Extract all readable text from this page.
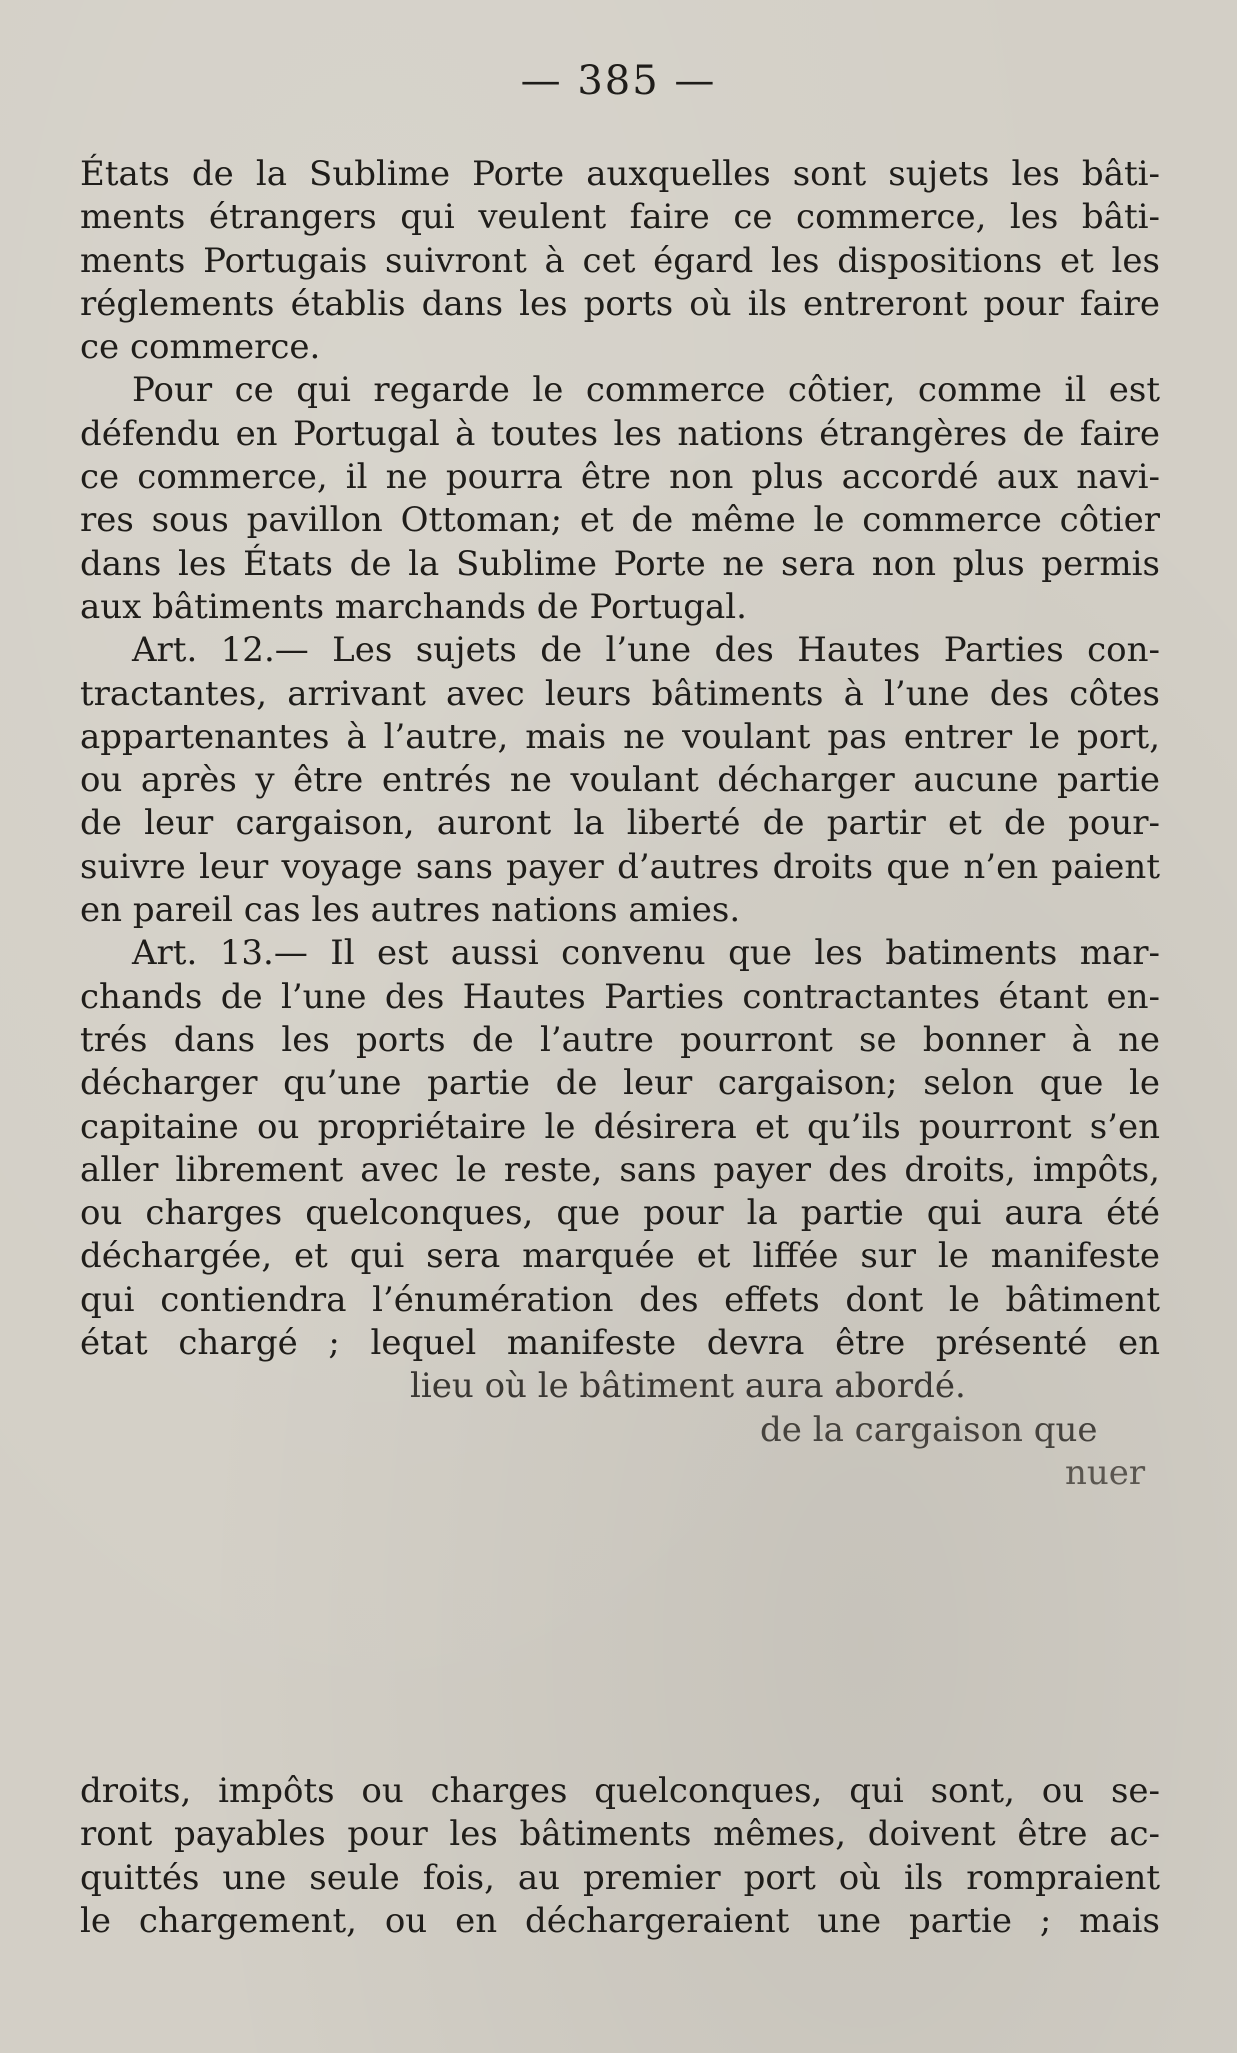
— 385 —

États de la Sublime Porte auxquelles sont sujets les bâti-
ments étrangers qui veulent faire ce commerce, les bâti-
ments Portugais suivront à cet égard les dispositions et les
réglements établis dans les ports où ils entreront pour faire
ce commerce.
Pour ce qui regarde le commerce côtier, comme il est
défendu en Portugal à toutes les nations étrangères de faire
ce commerce, il ne pourra être non plus accordé aux navi-
res sous pavillon Ottoman; et de même le commerce côtier
dans les États de la Sublime Porte ne sera non plus permis
aux bâtiments marchands de Portugal.
Art. 12.— Les sujets de l’une des Hautes Parties con-
tractantes, arrivant avec leurs bâtiments à l’une des côtes
appartenantes à l’autre, mais ne voulant pas entrer le port,
ou après y être entrés ne voulant décharger aucune partie
de leur cargaison, auront la liberté de partir et de pour-
suivre leur voyage sans payer d’autres droits que n’en paient
en pareil cas les autres nations amies.
Art. 13.— Il est aussi convenu que les batiments mar-
chands de l’une des Hautes Parties contractantes étant en-
trés dans les ports de l’autre pourront se bonner à ne
décharger qu’une partie de leur cargaison; selon que le
capitaine ou propriétaire le désirera et qu’ils pourront s’en
aller librement avec le reste, sans payer des droits, impôts,
ou charges quelconques, que pour la partie qui aura été
déchargée, et qui sera marquée et liffée sur le manifeste
qui contiendra l’énumération des effets dont le bâtiment
état chargé ; lequel manifeste devra être présenté en
lieu où le bâtiment aura abordé.
de la cargaison que
nuer
droits, impôts ou charges quelconques, qui sont, ou se-
ront payables pour les bâtiments mêmes, doivent être ac-
quittés une seule fois, au premier port où ils rompraient
le chargement, ou en déchargeraient une partie ; mais
